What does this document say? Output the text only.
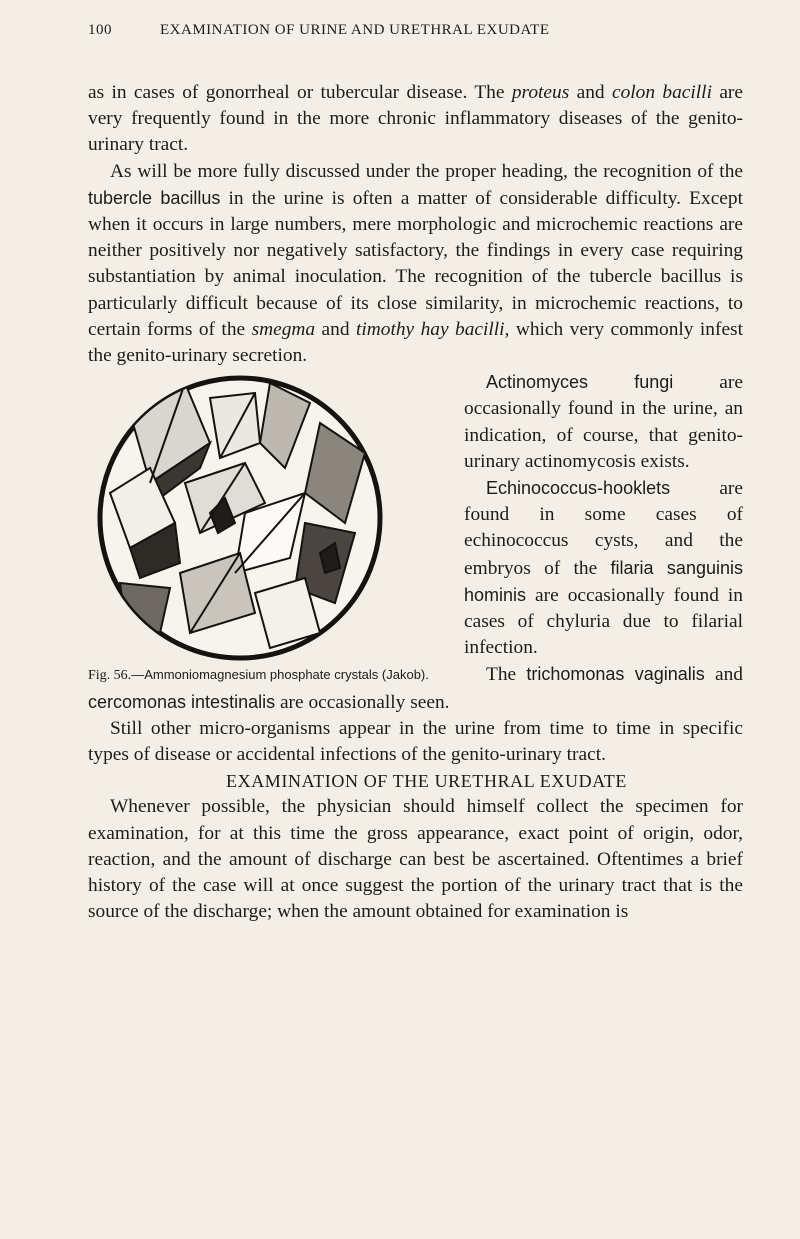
100	EXAMINATION OF URINE AND URETHRAL EXUDATE

as in cases of gonorrheal or tubercular disease. The proteus and colon bacilli are very frequently found in the more chronic inflammatory diseases of the genito-urinary tract.

As will be more fully discussed under the proper heading, the recognition of the tubercle bacillus in the urine is often a matter of considerable difficulty. Except when it occurs in large numbers, mere morphologic and microchemic reactions are neither positively nor negatively satisfactory, the findings in every case requiring substantiation by animal inoculation. The recognition of the tubercle bacillus is particularly difficult because of its close similarity, in microchemic reactions, to certain forms of the smegma and timothy hay bacilli, which very commonly infest the genito-urinary secretion.

Fig. 56.—Ammoniomagnesium phosphate crystals (Jakob).

Actinomyces fungi are occasionally found in the urine, an indication, of course, that genito-urinary actinomycosis exists.

Echinococcus-hooklets are found in some cases of echinococcus cysts, and the embryos of the filaria sanguinis hominis are occasionally found in cases of chyluria due to filarial infection.

The trichomonas vaginalis and cercomonas intestinalis are occasionally seen.

Still other micro-organisms appear in the urine from time to time in specific types of disease or accidental infections of the genito-urinary tract.

EXAMINATION OF THE URETHRAL EXUDATE

Whenever possible, the physician should himself collect the specimen for examination, for at this time the gross appearance, exact point of origin, odor, reaction, and the amount of discharge can best be ascertained. Oftentimes a brief history of the case will at once suggest the portion of the urinary tract that is the source of the discharge; when the amount obtained for examination is
